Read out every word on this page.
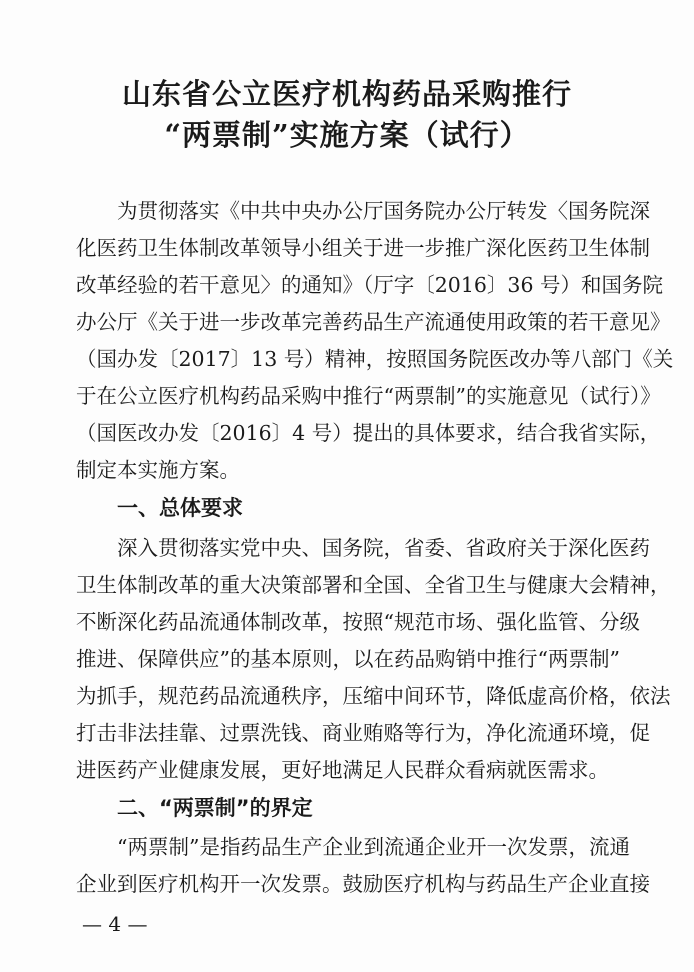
山东省公立医疗机构药品采购推行
“两票制”实施方案（试行）
为贯彻落实《中共中央办公厅国务院办公厅转发〈国务院深
化医药卫生体制改革领导小组关于进一步推广深化医药卫生体制
改革经验的若干意见〉的通知》（厅字〔2016〕36 号）和国务院
办公厅《关于进一步改革完善药品生产流通使用政策的若干意见》
（国办发〔2017〕13 号）精神，按照国务院医改办等八部门《关
于在公立医疗机构药品采购中推行“两票制”的实施意见（试行）》
（国医改办发〔2016〕4 号）提出的具体要求，结合我省实际，
制定本实施方案。
一、总体要求
深入贯彻落实党中央、国务院，省委、省政府关于深化医药
卫生体制改革的重大决策部署和全国、全省卫生与健康大会精神，
不断深化药品流通体制改革，按照“规范市场、强化监管、分级
推进、保障供应”的基本原则，以在药品购销中推行“两票制”
为抓手，规范药品流通秩序，压缩中间环节，降低虚高价格，依法
打击非法挂靠、过票洗钱、商业贿赂等行为，净化流通环境，促
进医药产业健康发展，更好地满足人民群众看病就医需求。
二、“两票制”的界定
“两票制”是指药品生产企业到流通企业开一次发票，流通
企业到医疗机构开一次发票。鼓励医疗机构与药品生产企业直接
— 4 —
